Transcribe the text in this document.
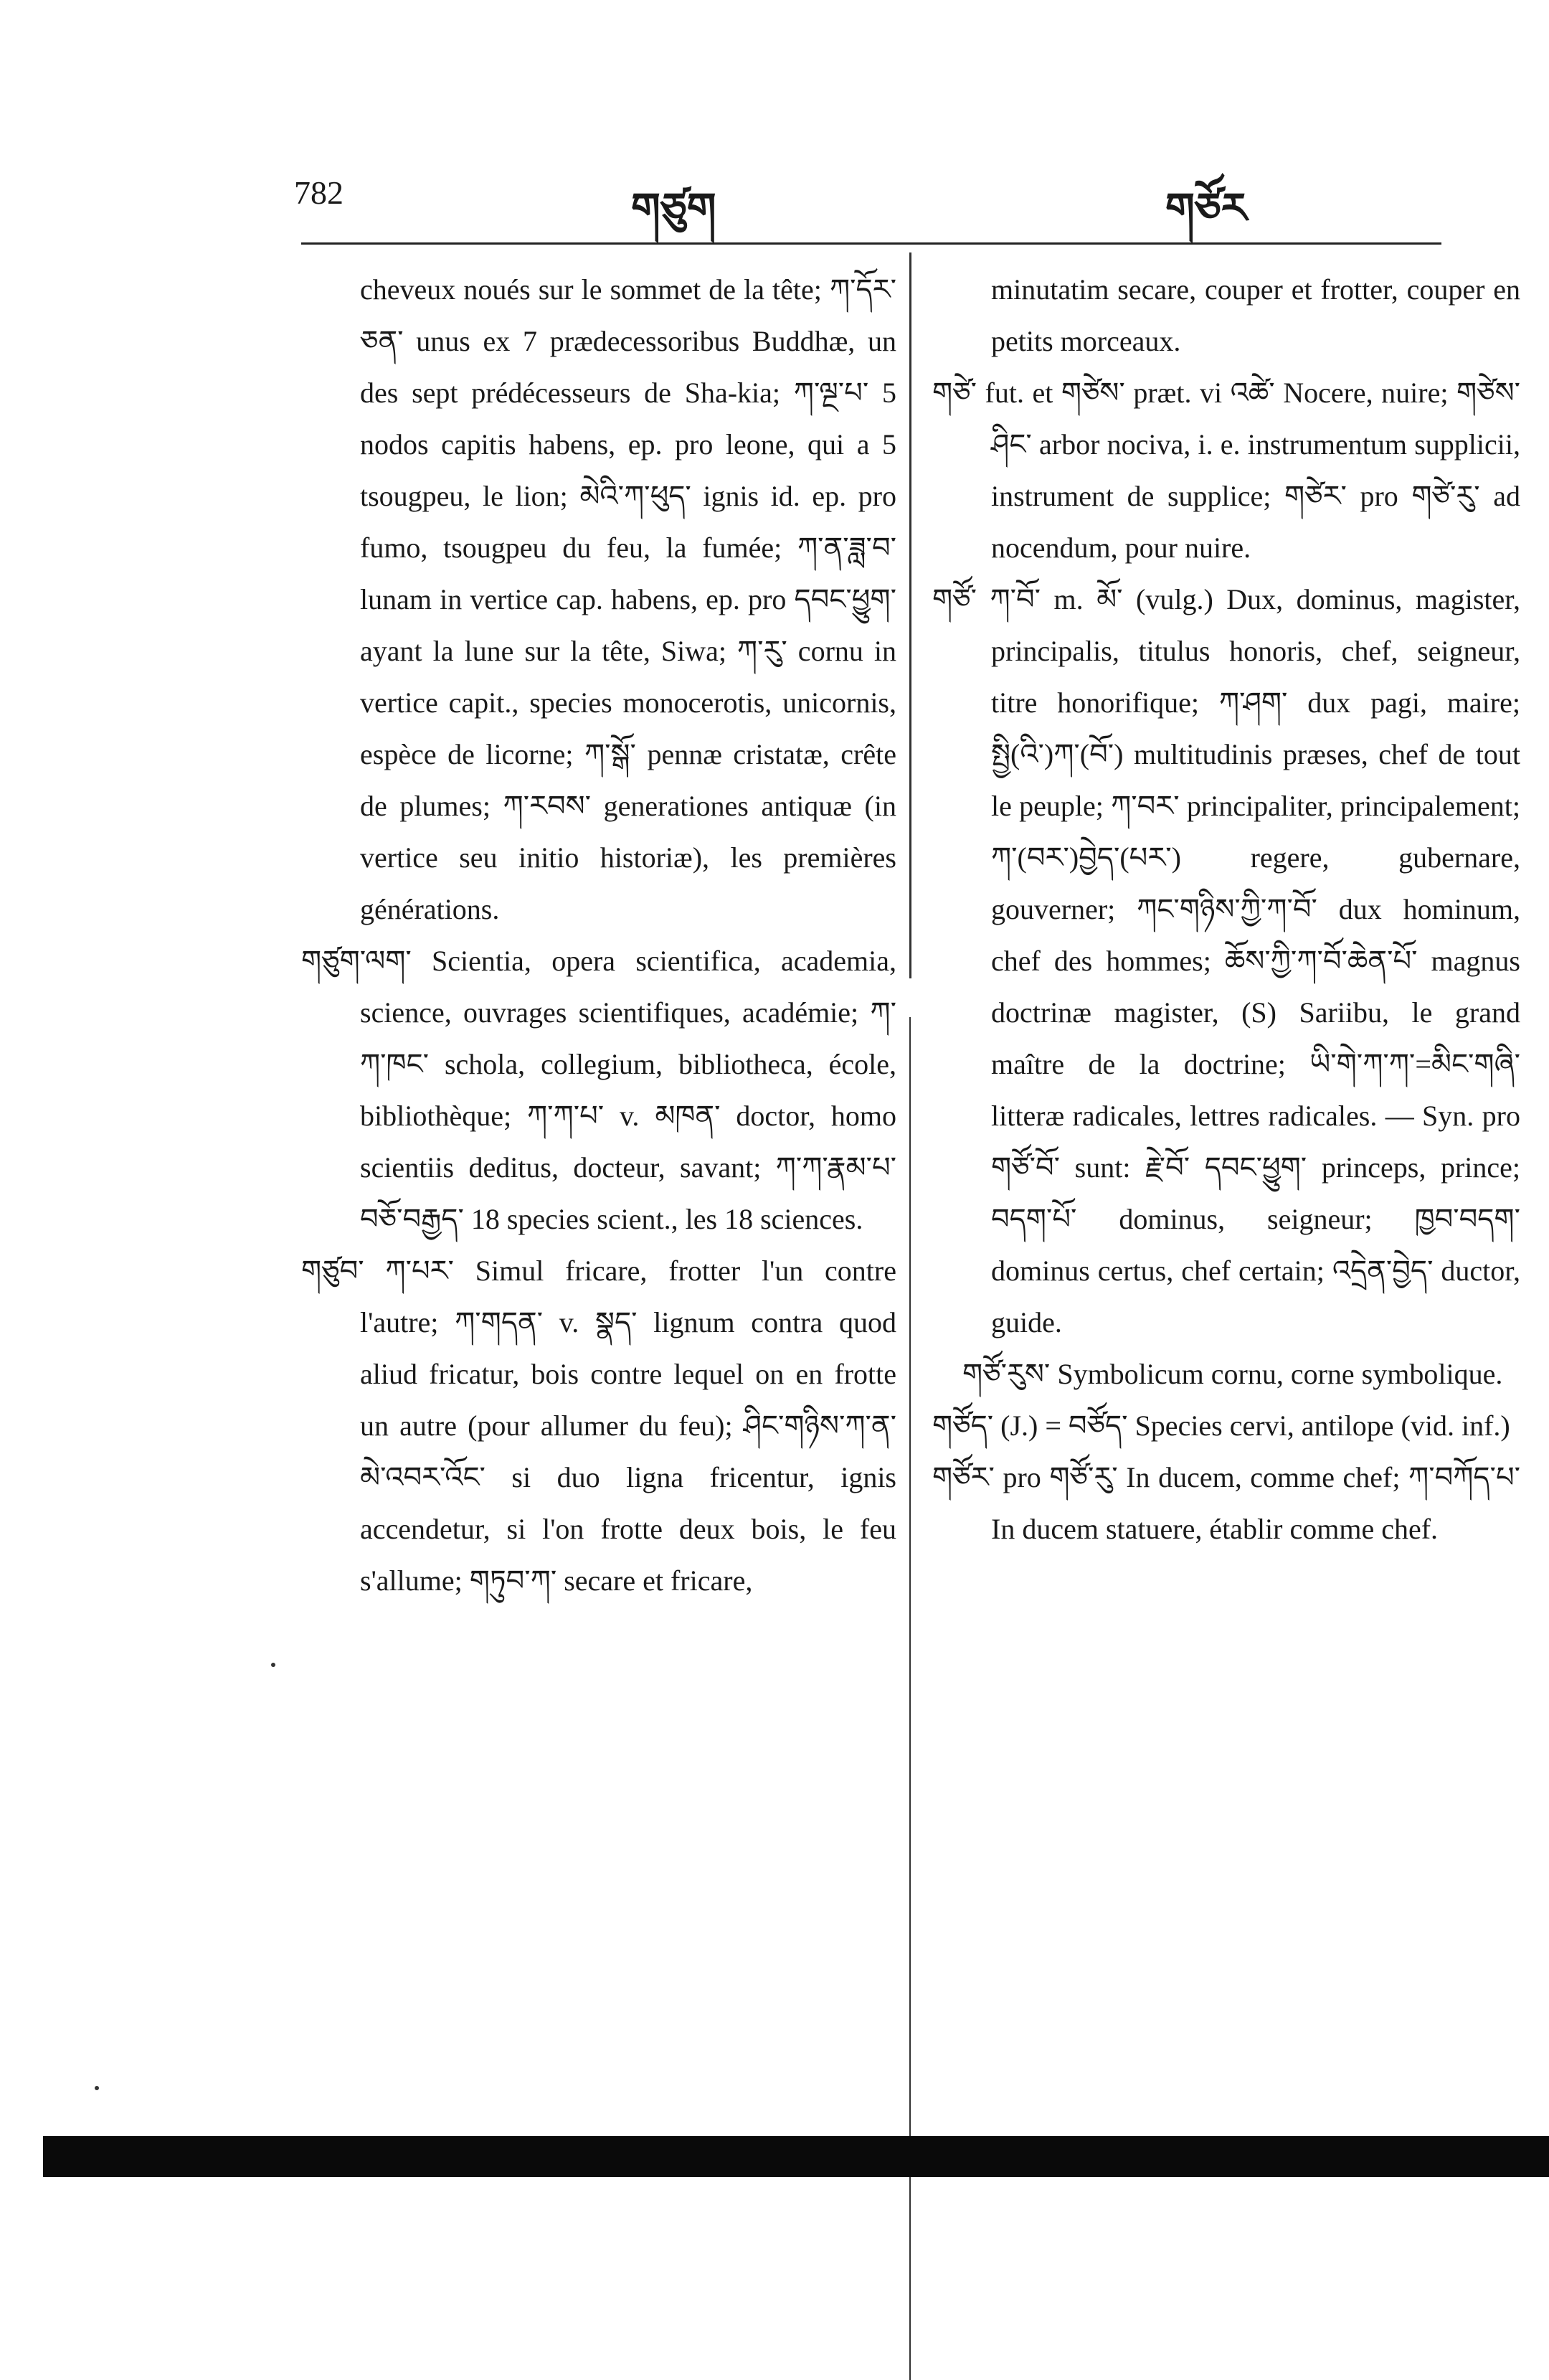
782	གཙུག	གཙོར

cheveux noués sur le sommet de la tête; ཀ་དོར་ཅན་ unus ex 7 prædecessoribus Buddhæ, un des sept prédécesseurs de Sha-kia; ཀ་ལྔ་པ་ 5 nodos capitis habens, ep. pro leone, qui a 5 tsougpeu, le lion; མེའི་ཀ་ཕུད་ ignis id. ep. pro fumo, tsougpeu du feu, la fumée; ཀ་ན་ཟླ་བ་ lunam in vertice cap. habens, ep. pro དབང་ཕྱུག་ ayant la lune sur la tête, Siwa; ཀ་རུ་ cornu in vertice capit., species monocerotis, unicornis, espèce de licorne; ཀ་སྒོ་ pennæ cristatæ, crête de plumes; ཀ་རབས་ generationes antiquæ (in vertice seu initio historiæ), les premières générations.

གཙུག་ལག་ Scientia, opera scientifica, academia, science, ouvrages scientifiques, académie; ཀ་ཀ་ཁང་ schola, collegium, bibliotheca, école, bibliothèque; ཀ་ཀ་པ་ v. མཁན་ doctor, homo scientiis deditus, docteur, savant; ཀ་ཀ་རྣམ་པ་བཅོ་བརྒྱད་ 18 species scient., les 18 sciences.

གཙུབ་ ཀ་པར་ Simul fricare, frotter l'un contre l'autre; ཀ་གདན་ v. སྣད་ lignum contra quod aliud fricatur, bois contre lequel on en frotte un autre (pour allumer du feu); ཤིང་གཉིས་ཀ་ན་མེ་འབར་འོང་ si duo ligna fricentur, ignis accendetur, si l'on frotte deux bois, le feu s'allume; གཏུབ་ཀ་ secare et fricare,

minutatim secare, couper et frotter, couper en petits morceaux.

གཙེ་ fut. et གཙེས་ præt. vi འཚེ་ Nocere, nuire; གཙེས་ཤིང་ arbor nociva, i. e. instrumentum supplicii, instrument de supplice; གཙེར་ pro གཙེ་རུ་ ad nocendum, pour nuire.

གཙོ་ ཀ་བོ་ m. མོ་ (vulg.) Dux, dominus, magister, principalis, titulus honoris, chef, seigneur, titre honorifique; ཀ་ཤག་ dux pagi, maire; སྤྱི(འི་)ཀ་(བོ་) multitudinis præses, chef de tout le peuple; ཀ་བར་ principaliter, principalement; ཀ་(བར་)བྱེད་(པར་) regere, gubernare, gouverner; ཀང་གཉིས་ཀྱི་ཀ་བོ་ dux hominum, chef des hommes; ཆོས་ཀྱི་ཀ་བོ་ཆེན་པོ་ magnus doctrinæ magister, (S) Sariibu, le grand maître de la doctrine; ཡི་གེ་ཀ་ཀ་=མིང་གཞི་ litteræ radicales, lettres radicales. — Syn. pro གཙོ་བོ་ sunt: རྗེ་བོ་ དབང་ཕྱུག་ princeps, prince; བདག་པོ་ dominus, seigneur; ཁྱབ་བདག་ dominus certus, chef certain; འདྲེན་བྱེད་ ductor, guide.

གཙོ་རུས་ Symbolicum cornu, corne symbolique.

གཙོད་ (J.) = བཙོད་ Species cervi, antilope (vid. inf.)

གཙོར་ pro གཙོ་རུ་ In ducem, comme chef; ཀ་བཀོད་པ་ In ducem statuere, établir comme chef.
